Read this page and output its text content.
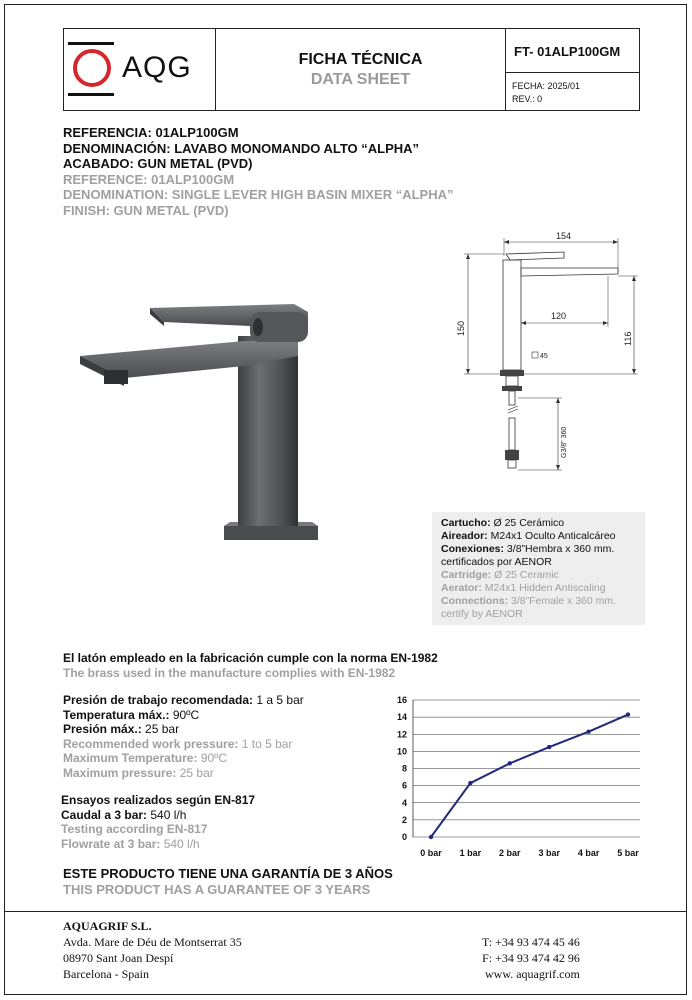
AQG	FICHA TÉCNICA
DATA SHEET
FT- 01ALP100GM
FECHA: 2025/01
REV.: 0
REFERENCIA: 01ALP100GM
DENOMINACIÓN: LAVABO MONOMANDO ALTO “ALPHA”
ACABADO: GUN METAL (PVD)
REFERENCE: 01ALP100GM
DENOMINATION: SINGLE LEVER HIGH BASIN MIXER “ALPHA”
FINISH: GUN METAL (PVD)
154
150
120
116
45
G3/8" 360
Cartucho: Ø 25 Cerámico
Aireador: M24x1 Oculto Anticalcáreo
Conexiones: 3/8”Hembra x 360 mm.
certificados por AENOR
Cartridge: Ø 25 Ceramic
Aerator: M24x1 Hidden Antiscaling
Connections: 3/8”Female x 360 mm.
certify by AENOR
El latón empleado en la fabricación cumple con la norma EN-1982
The brass used in the manufacture complies with EN-1982
Presión de trabajo recomendada: 1 a 5 bar
Temperatura máx.: 90ºC
Presión máx.: 25 bar
Recommended work pressure: 1 to 5 bar
Maximum Temperature: 90ºC
Maximum pressure: 25 bar
Ensayos realizados según EN-817
Caudal a 3 bar: 540 l/h
Testing according EN-817
Flowrate at 3 bar: 540 l/h	0
2
4
6
8
10
12
14
16
0 bar 1 bar 2 bar 3 bar 4 bar 5 bar
ESTE PRODUCTO TIENE UNA GARANTÍA DE 3 AÑOS
THIS PRODUCT HAS A GUARANTEE OF 3 YEARS
AQUAGRIF S.L.
Avda. Mare de Déu de Montserrat 35
08970 Sant Joan Despí
Barcelona - Spain
T: +34 93 474 45 46
F: +34 93 474 42 96
www. aquagrif.com
